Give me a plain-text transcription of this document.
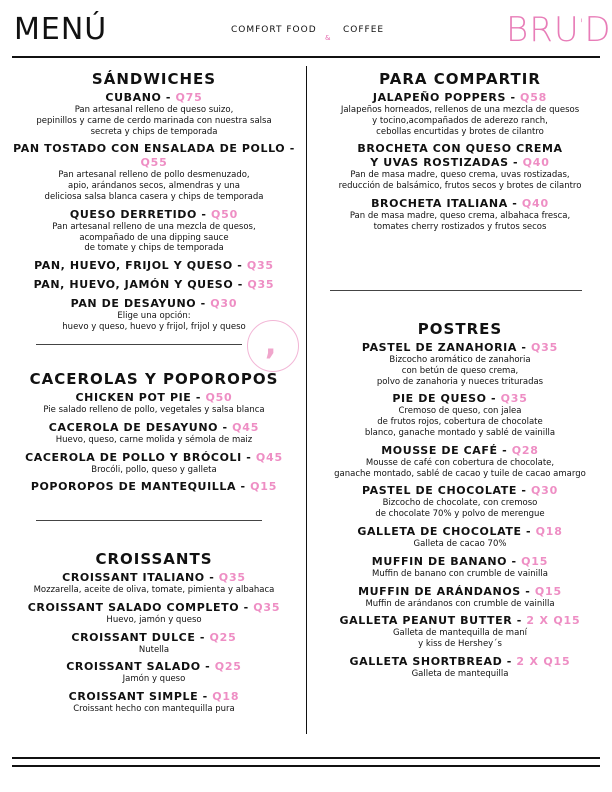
MENÚ	COMFORT FOOD
&
COFFEE	BRU'D
,
SÁNDWICHES
CUBANO - Q75
Pan artesanal relleno de queso suizo,
pepinillos y carne de cerdo marinada con nuestra salsa
secreta y chips de temporada
PAN TOSTADO CON ENSALADA DE POLLO - Q55
Pan artesanal relleno de pollo desmenuzado,
apio, arándanos secos, almendras y una
deliciosa salsa blanca casera y chips de temporada
QUESO DERRETIDO - Q50
Pan artesanal relleno de una mezcla de quesos,
acompañado de una dipping sauce
de tomate y chips de temporada
PAN, HUEVO, FRIJOL Y QUESO - Q35
PAN, HUEVO, JAMÓN Y QUESO - Q35
PAN DE DESAYUNO - Q30
Elige una opción:
huevo y queso, huevo y frijol, frijol y queso
CACEROLAS Y POPOROPOS
CHICKEN POT PIE - Q50
Pie salado relleno de pollo, vegetales y salsa blanca
CACEROLA DE DESAYUNO - Q45
Huevo, queso, carne molida y sémola de maiz
CACEROLA DE POLLO Y BRÓCOLI - Q45
Brocóli, pollo, queso y galleta
POPOROPOS DE MANTEQUILLA - Q15
CROISSANTS
CROISSANT ITALIANO - Q35
Mozzarella, aceite de oliva, tomate, pimienta y albahaca
CROISSANT SALADO COMPLETO - Q35
Huevo, jamón y queso
CROISSANT DULCE - Q25
Nutella
CROISSANT SALADO - Q25
Jamón y queso
CROISSANT SIMPLE - Q18
Croissant hecho con mantequilla pura
PARA COMPARTIR
JALAPEÑO POPPERS - Q58
Jalapeños horneados, rellenos de una mezcla de quesos
y tocino,acompañados de aderezo ranch,
cebollas encurtidas y brotes de cilantro
BROCHETA CON QUESO CREMA
Y UVAS ROSTIZADAS - Q40
Pan de masa madre, queso crema, uvas rostizadas,
reducción de balsámico, frutos secos y brotes de cilantro
BROCHETA ITALIANA - Q40
Pan de masa madre, queso crema, albahaca fresca,
tomates cherry rostizados y frutos secos
POSTRES
PASTEL DE ZANAHORIA - Q35
Bizcocho aromático de zanahoria
con betún de queso crema,
polvo de zanahoria y nueces trituradas
PIE DE QUESO - Q35
Cremoso de queso, con jalea
de frutos rojos, cobertura de chocolate
blanco, ganache montado y sablé de vainilla
MOUSSE DE CAFÉ - Q28
Mousse de café con cobertura de chocolate,
ganache montado, sablé de cacao y tuile de cacao amargo
PASTEL DE CHOCOLATE - Q30
Bizcocho de chocolate, con cremoso
de chocolate 70% y polvo de merengue
GALLETA DE CHOCOLATE - Q18
Galleta de cacao 70%
MUFFIN DE BANANO - Q15
Muffin de banano con crumble de vainilla
MUFFIN DE ARÁNDANOS - Q15
Muffin de arándanos con crumble de vainilla
GALLETA PEANUT BUTTER - 2 X Q15
Galleta de mantequilla de maní
y kiss de Hershey´s
GALLETA SHORTBREAD - 2 X Q15
Galleta de mantequilla
